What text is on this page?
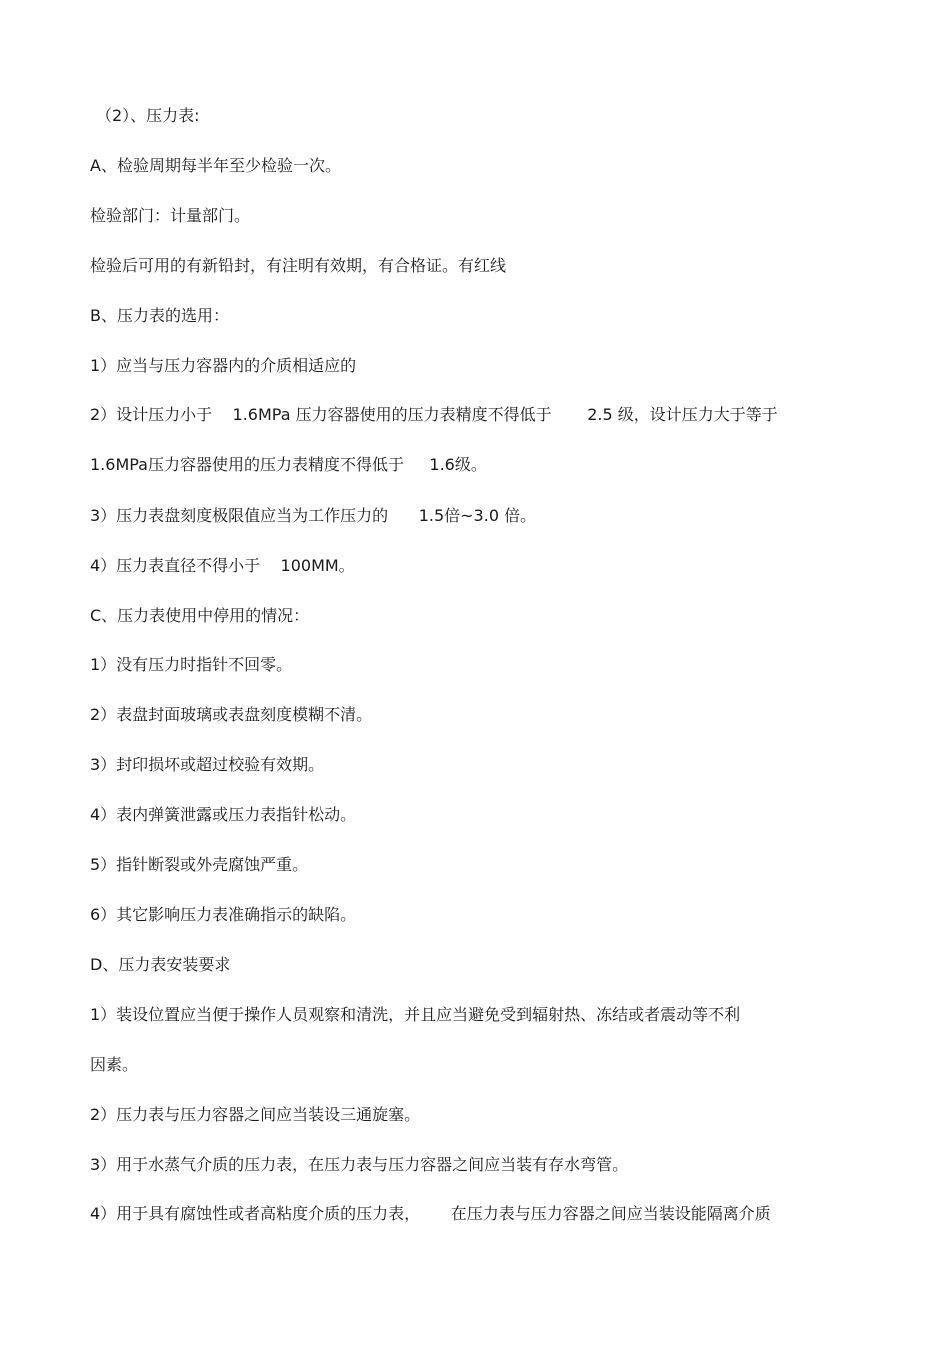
（2）、压力表:

A、检验周期每半年至少检验一次。

检验部门：计量部门。

检验后可用的有新铅封，有注明有效期，有合格证。有红线

B、压力表的选用：

1）应当与压力容器内的介质相适应的

2）设计压力小于    1.6MPa 压力容器使用的压力表精度不得低于       2.5 级，设计压力大于等于

1.6MPa压力容器使用的压力表精度不得低于     1.6级。

3）压力表盘刻度极限值应当为工作压力的      1.5倍~3.0 倍。

4）压力表直径不得小于    100MM。

C、压力表使用中停用的情况：

1）没有压力时指针不回零。

2）表盘封面玻璃或表盘刻度模糊不清。

3）封印损坏或超过校验有效期。

4）表内弹簧泄露或压力表指针松动。

5）指针断裂或外壳腐蚀严重。

6）其它影响压力表准确指示的缺陷。

D、压力表安装要求

1）装设位置应当便于操作人员观察和清洗，并且应当避免受到辐射热、冻结或者震动等不利

因素。

2）压力表与压力容器之间应当装设三通旋塞。

3）用于水蒸气介质的压力表，在压力表与压力容器之间应当装有存水弯管。

4）用于具有腐蚀性或者高粘度介质的压力表，      在压力表与压力容器之间应当装设能隔离介质
